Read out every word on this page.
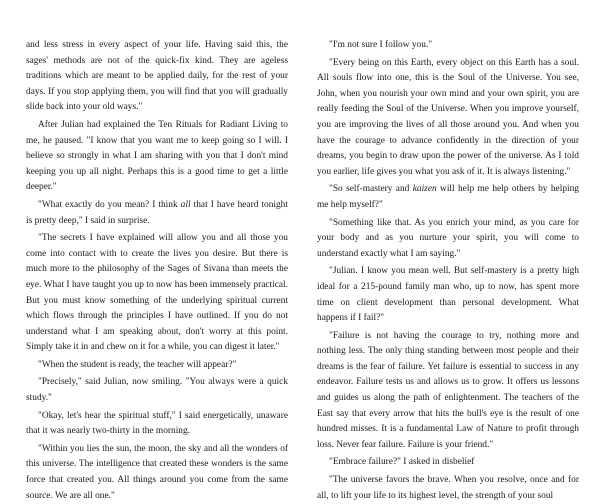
and less stress in every aspect of your life. Having said this, the sages' methods are not of the quick-fix kind. They are ageless traditions which are meant to be applied daily, for the rest of your days. If you stop applying them, you will find that you will gradually slide back into your old ways."

After Julian had explained the Ten Rituals for Radiant Living to me, he paused. "I know that you want me to keep going so I will. I believe so strongly in what I am sharing with you that I don't mind keeping you up all night. Perhaps this is a good time to get a little deeper."

"What exactly do you mean? I think all that I have heard tonight is pretty deep," I said in surprise.

"The secrets I have explained will allow you and all those you come into contact with to create the lives you desire. But there is much more to the philosophy of the Sages of Sivana than meets the eye. What I have taught you up to now has been immensely practical. But you must know something of the underlying spiritual current which flows through the principles I have outlined. If you do not understand what I am speaking about, don't worry at this point. Simply take it in and chew on it for a while, you can digest it later."

"When the student is ready, the teacher will appear?"

"Precisely," said Julian, now smiling. "You always were a quick study."

"Okay, let's hear the spiritual stuff," I said energetically, unaware that it was nearly two-thirty in the morning.

"Within you lies the sun, the moon, the sky and all the wonders of this universe. The intelligence that created these wonders is the same force that created you. All things around you come from the same source. We are all one."

"I'm not sure I follow you."

"Every being on this Earth, every object on this Earth has a soul. All souls flow into one, this is the Soul of the Universe. You see, John, when you nourish your own mind and your own spirit, you are really feeding the Soul of the Universe. When you improve yourself, you are improving the lives of all those around you. And when you have the courage to advance confidently in the direction of your dreams, you begin to draw upon the power of the universe. As I told you earlier, life gives you what you ask of it. It is always listening."

"So self-mastery and kaizen will help me help others by helping me help myself?"

"Something like that. As you enrich your mind, as you care for your body and as you nurture your spirit, you will come to understand exactly what I am saying."

"Julian. I know you mean well. But self-mastery is a pretty high ideal for a 215-pound family man who, up to now, has spent more time on client development than personal development. What happens if I fail?"

"Failure is not having the courage to try, nothing more and nothing less. The only thing standing between most people and their dreams is the fear of failure. Yet failure is essential to success in any endeavor. Failure tests us and allows us to grow. It offers us lessons and guides us along the path of enlightenment. The teachers of the East say that every arrow that hits the bull's eye is the result of one hundred misses. It is a fundamental Law of Nature to profit through loss. Never fear failure. Failure is your friend."

"Embrace failure?" I asked in disbelief

"The universe favors the brave. When you resolve, once and for all, to lift your life to its highest level, the strength of your soul
